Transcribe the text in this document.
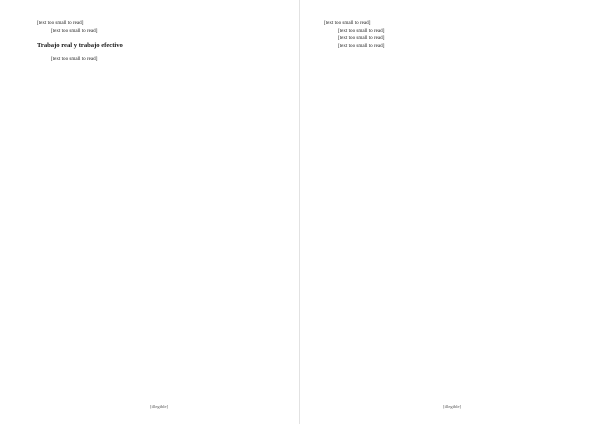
[text too small to read]

[text too small to read]

Trabajo real y trabajo efectivo

[text too small to read]

[illegible]

[text too small to read]

[text too small to read]

[text too small to read]

[text too small to read]

[illegible]
